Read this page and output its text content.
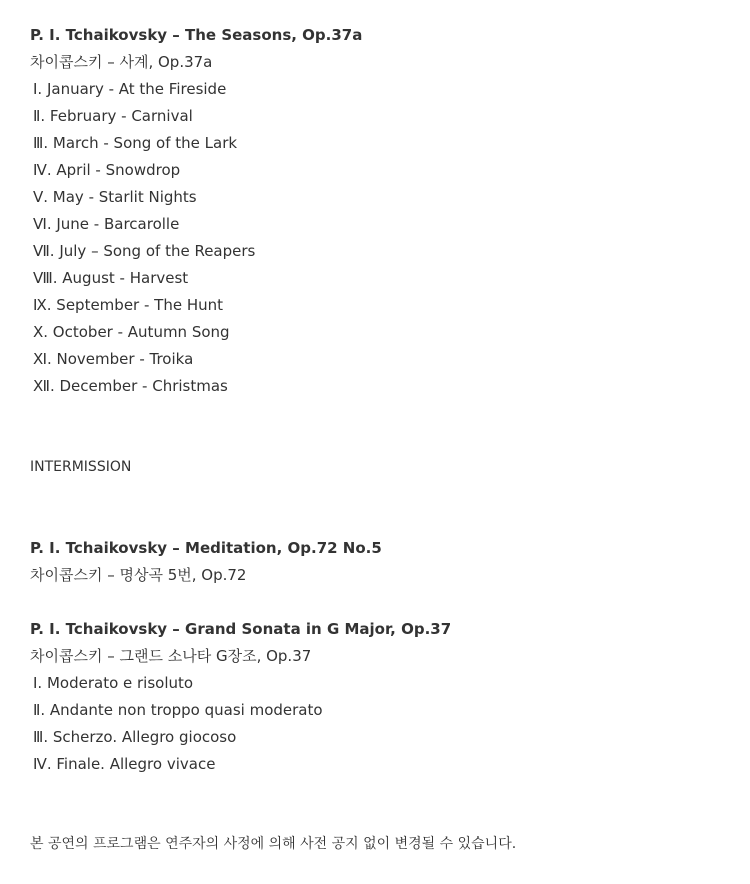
P. I. Tchaikovsky – The Seasons, Op.37a
차이콥스키 – 사계, Op.37a
Ⅰ. January - At the Fireside
Ⅱ. February - Carnival
Ⅲ. March - Song of the Lark
Ⅳ. April - Snowdrop
Ⅴ. May - Starlit Nights
Ⅵ. June - Barcarolle
Ⅶ. July – Song of the Reapers
Ⅷ. August - Harvest
Ⅸ. September - The Hunt
Ⅹ. October - Autumn Song
Ⅺ. November - Troika
Ⅻ. December - Christmas
INTERMISSION
P. I. Tchaikovsky – Meditation, Op.72 No.5
차이콥스키 – 명상곡 5번, Op.72
P. I. Tchaikovsky – Grand Sonata in G Major, Op.37
차이콥스키 – 그랜드 소나타 G장조, Op.37
Ⅰ. Moderato e risoluto
Ⅱ. Andante non troppo quasi moderato
Ⅲ. Scherzo. Allegro giocoso
Ⅳ. Finale. Allegro vivace
본 공연의 프로그램은 연주자의 사정에 의해 사전 공지 없이 변경될 수 있습니다.
